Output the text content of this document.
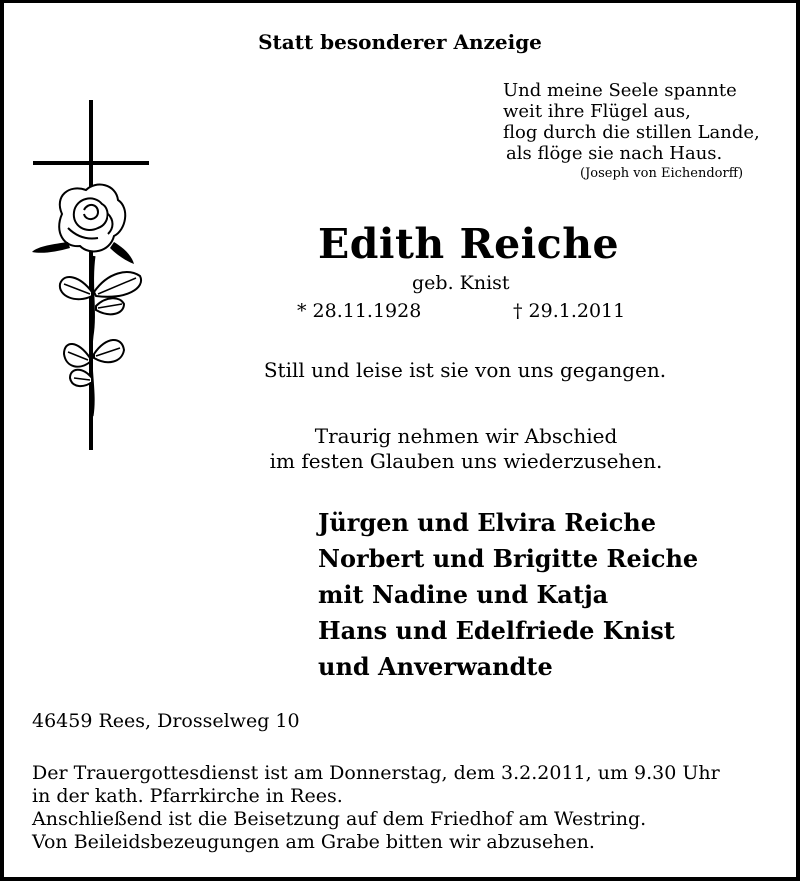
Statt besonderer Anzeige
Und meine Seele spannte
weit ihre Flügel aus,
flog durch die stillen Lande,
als flöge sie nach Haus.
(Joseph von Eichendorff)
Edith Reiche
geb. Knist
* 28.11.1928	† 29.1.2011
Still und leise ist sie von uns gegangen.
Traurig nehmen wir Abschied
im festen Glauben uns wiederzusehen.
Jürgen und Elvira Reiche
Norbert und Brigitte Reiche
mit Nadine und Katja
Hans und Edelfriede Knist
und Anverwandte
46459 Rees, Drosselweg 10
Der Trauergottesdienst ist am Donnerstag, dem 3.2.2011, um 9.30 Uhr
in der kath. Pfarrkirche in Rees.
Anschließend ist die Beisetzung auf dem Friedhof am Westring.
Von Beileidsbezeugungen am Grabe bitten wir abzusehen.
